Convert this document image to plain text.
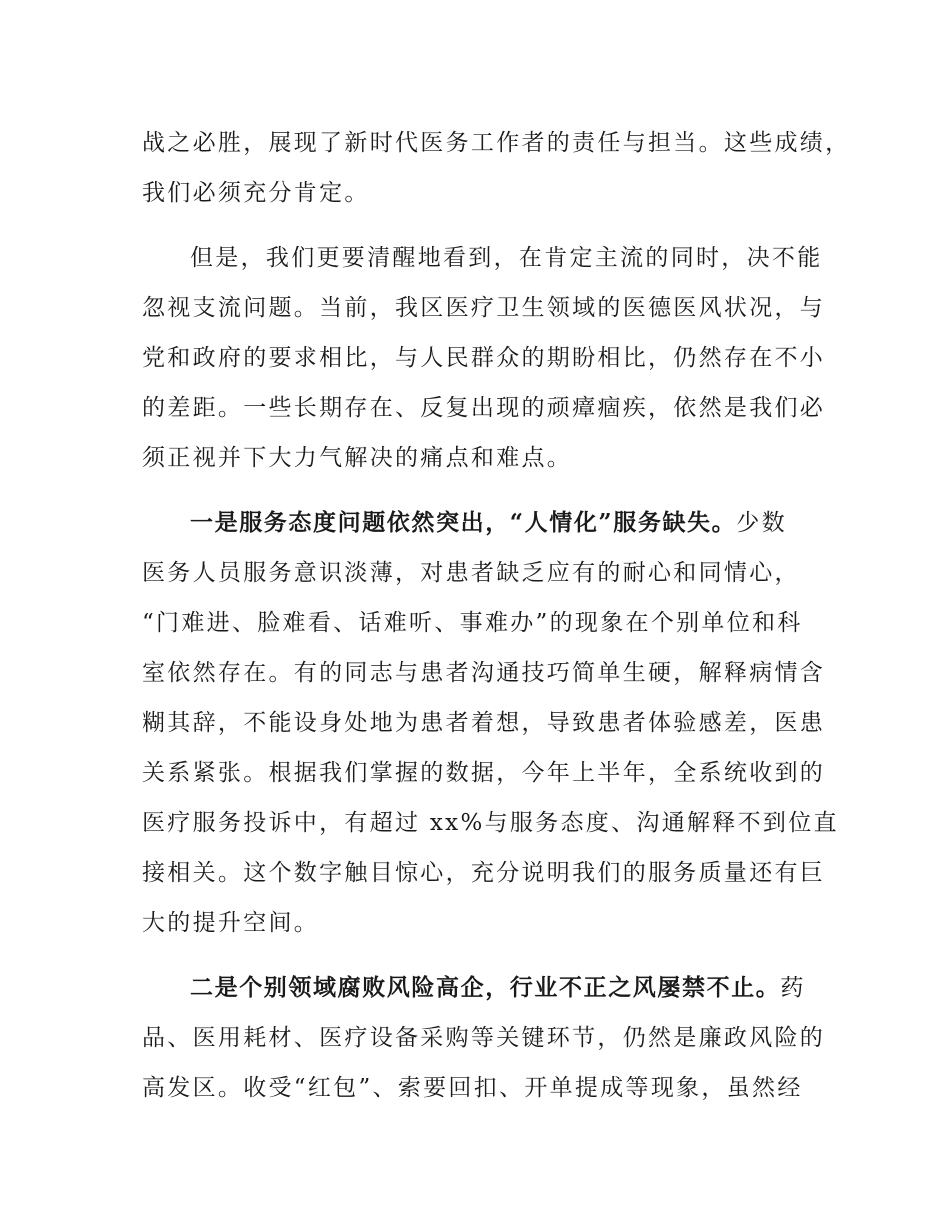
战之必胜，展现了新时代医务工作者的责任与担当。这些成绩，
我们必须充分肯定。
但是，我们更要清醒地看到，在肯定主流的同时，决不能
忽视支流问题。当前，我区医疗卫生领域的医德医风状况，与
党和政府的要求相比，与人民群众的期盼相比，仍然存在不小
的差距。一些长期存在、反复出现的顽瘴痼疾，依然是我们必
须正视并下大力气解决的痛点和难点。
一是服务态度问题依然突出，“人情化”服务缺失。少数
医务人员服务意识淡薄，对患者缺乏应有的耐心和同情心，
“门难进、脸难看、话难听、事难办”的现象在个别单位和科
室依然存在。有的同志与患者沟通技巧简单生硬，解释病情含
糊其辞，不能设身处地为患者着想，导致患者体验感差，医患
关系紧张。根据我们掌握的数据，今年上半年，全系统收到的
医疗服务投诉中，有超过 xx%与服务态度、沟通解释不到位直
接相关。这个数字触目惊心，充分说明我们的服务质量还有巨
大的提升空间。
二是个别领域腐败风险高企，行业不正之风屡禁不止。药
品、医用耗材、医疗设备采购等关键环节，仍然是廉政风险的
高发区。收受“红包”、索要回扣、开单提成等现象，虽然经
